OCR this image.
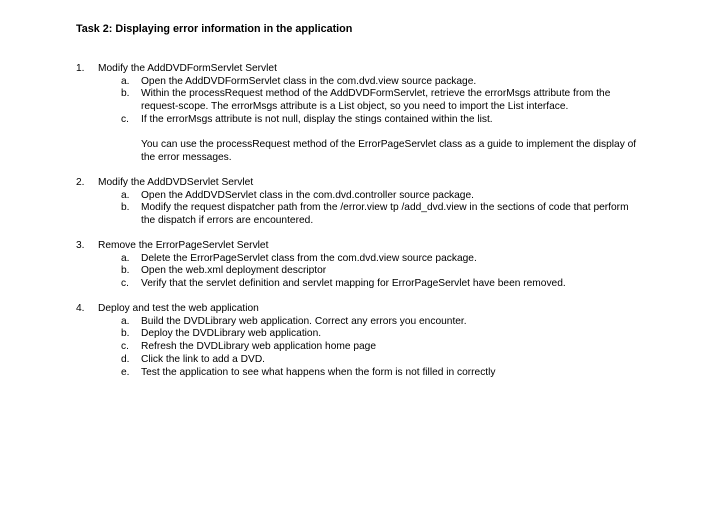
Task 2: Displaying error information in the application
1. Modify the AddDVDFormServlet Servlet
a. Open the AddDVDFormServlet class in the com.dvd.view source package.
b. Within the processRequest method of the AddDVDFormServlet, retrieve the errorMsgs attribute from the request-scope. The errorMsgs attribute is a List object, so you need to import the List interface.
c. If the errorMsgs attribute is not null, display the stings contained within the list.
You can use the processRequest method of the ErrorPageServlet class as a guide to implement the display of the error messages.
2. Modify the AddDVDServlet Servlet
a. Open the AddDVDServlet class in the com.dvd.controller source package.
b. Modify the request dispatcher path from the /error.view tp /add_dvd.view in the sections of code that perform the dispatch if errors are encountered.
3. Remove the ErrorPageServlet Servlet
a. Delete the ErrorPageServlet class from the com.dvd.view source package.
b. Open the web.xml deployment descriptor
c. Verify that the servlet definition and servlet mapping for ErrorPageServlet have been removed.
4. Deploy and test the web application
a. Build the DVDLibrary web application. Correct any errors you encounter.
b. Deploy the DVDLibrary web application.
c. Refresh the DVDLibrary web application home page
d. Click the link to add a DVD.
e. Test the application to see what happens when the form is not filled in correctly
